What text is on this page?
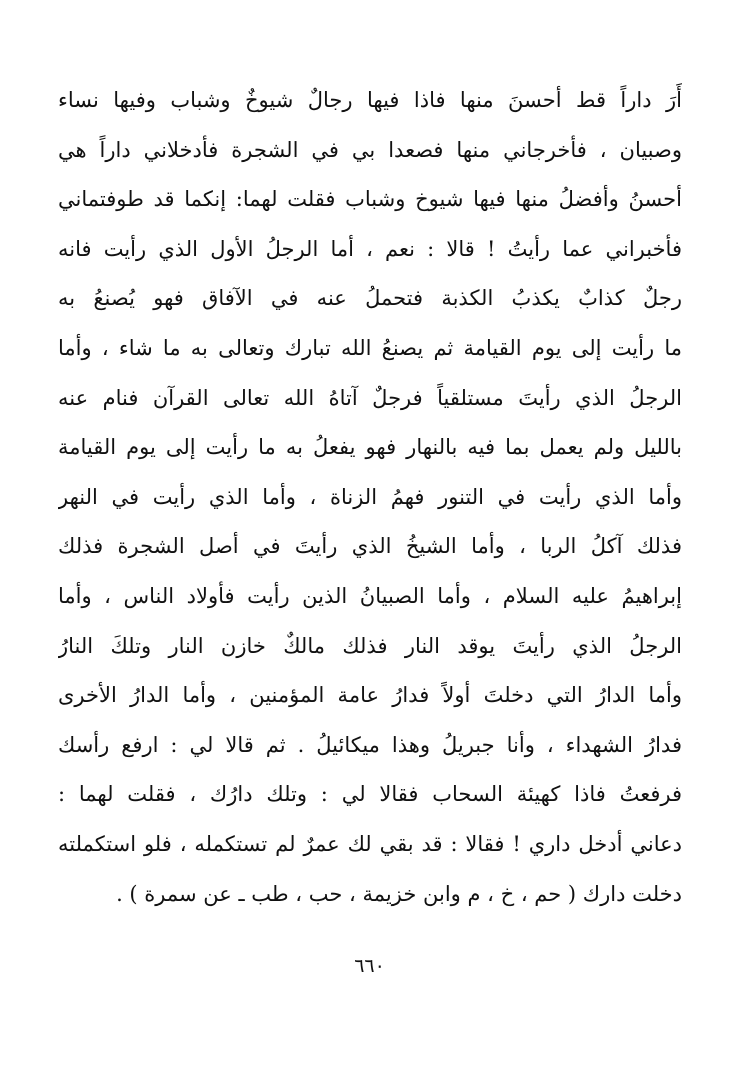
أَرَ داراً قط أحسنَ منها فاذا فيها رجالٌ شيوخٌ وشباب وفيها نساء
وصبيان ، فأخرجاني منها فصعدا بي في الشجرة فأدخلاني داراً هي
أحسنُ وأفضلُ منها فيها شيوخ وشباب فقلت لهما: إنكما قد طوفتماني
فأخبراني عما رأيتُ ! قالا : نعم ، أما الرجلُ الأول الذي رأيت فانه
رجلٌ كذابٌ يكذبُ الكذبة فتحملُ عنه في الآفاق فهو يُصنعُ به
ما رأيت إلى يوم القيامة ثم يصنعُ الله تبارك وتعالى به ما شاء ، وأما
الرجلُ الذي رأيتَ مستلقياً فرجلٌ آتاهُ الله تعالى القرآن فنام عنه
بالليل ولم يعمل بما فيه بالنهار فهو يفعلُ به ما رأيت إلى يوم القيامة
وأما الذي رأيت في التنور فهمُ الزناة ، وأما الذي رأيت في النهر
فذلك آكلُ الربا ، وأما الشيخُ الذي رأيتَ في أصل الشجرة فذلك
إبراهيمُ عليه السلام ، وأما الصبيانُ الذين رأيت فأولاد الناس ، وأما
الرجلُ الذي رأيتَ يوقد النار فذلك مالكٌ خازن النار وتلكَ النارُ
وأما الدارُ التي دخلتَ أولاً فدارُ عامة المؤمنين ، وأما الدارُ الأخرى
فدارُ الشهداء ، وأنا جبريلُ وهذا ميكائيلُ . ثم قالا لي : ارفع رأسك
فرفعتُ فاذا كهيئة السحاب فقالا لي : وتلك دارُك ، فقلت لهما :
دعاني أدخل داري ! فقالا : قد بقي لك عمرٌ لم تستكمله ، فلو استكملته
دخلت دارك ( حم ، خ ، م وابن خزيمة ، حب ، طب ـ عن سمرة ) .
٦٦٠
